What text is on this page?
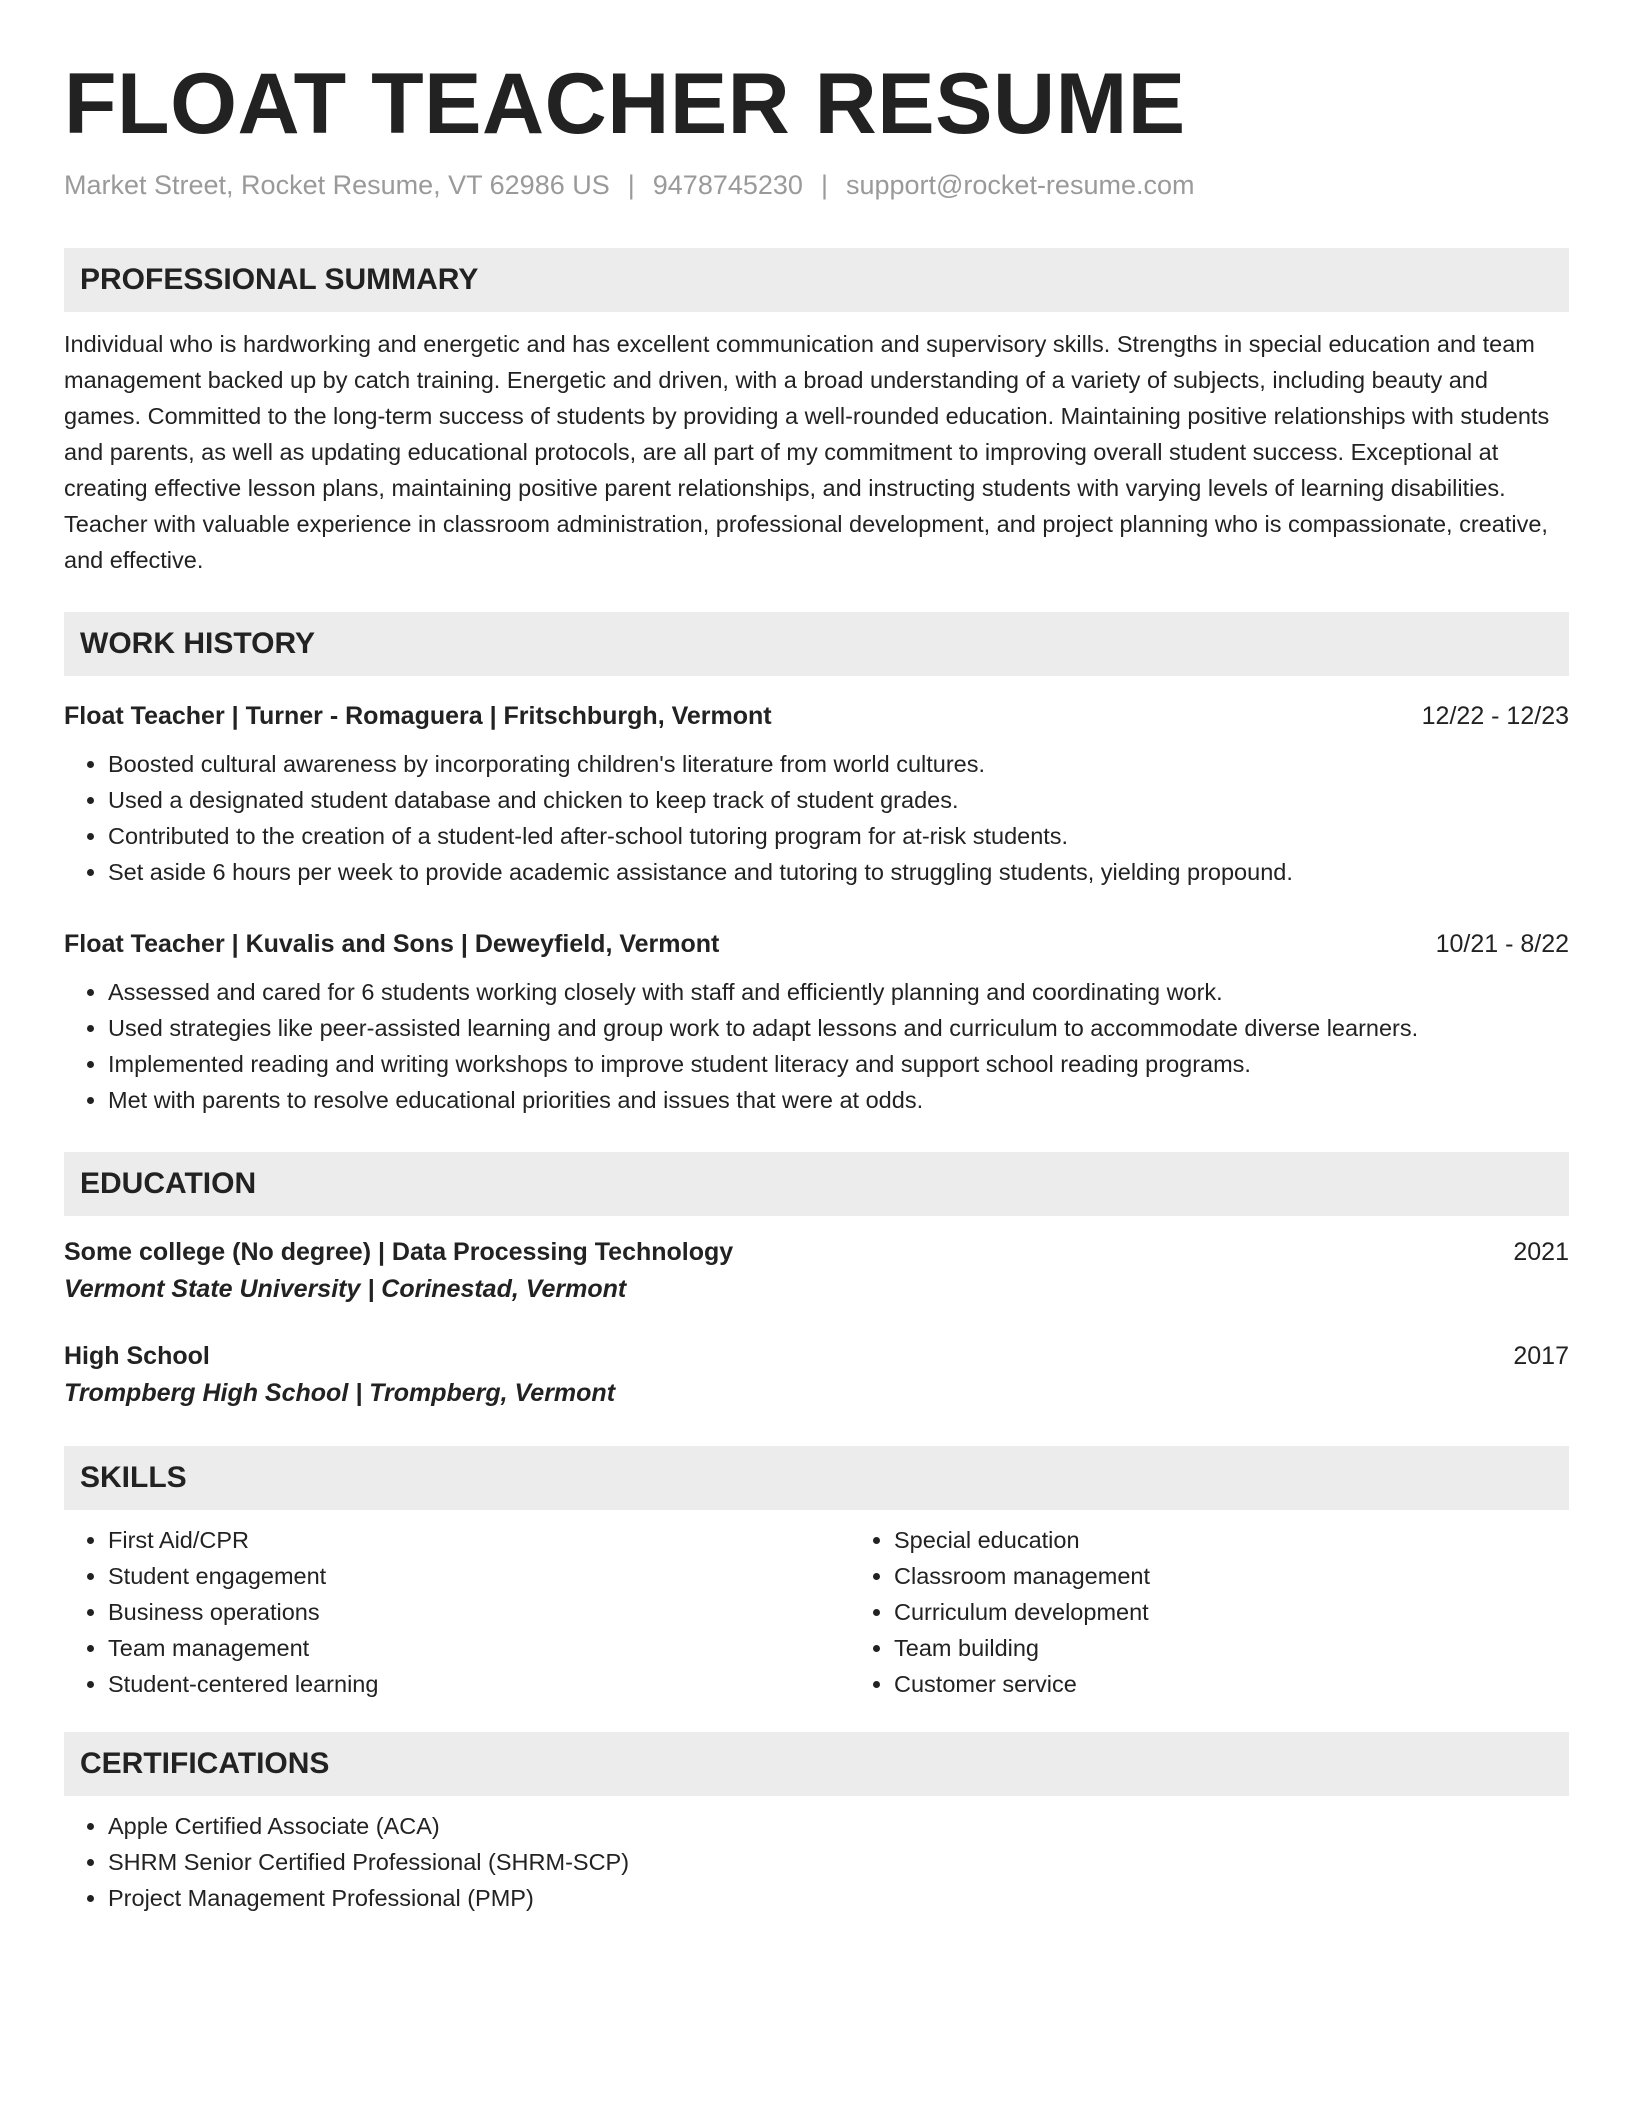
FLOAT TEACHER RESUME
Market Street, Rocket Resume, VT 62986 US | 9478745230 | support@rocket-resume.com
PROFESSIONAL SUMMARY
Individual who is hardworking and energetic and has excellent communication and supervisory skills. Strengths in special education and team management backed up by catch training. Energetic and driven, with a broad understanding of a variety of subjects, including beauty and games. Committed to the long-term success of students by providing a well-rounded education. Maintaining positive relationships with students and parents, as well as updating educational protocols, are all part of my commitment to improving overall student success. Exceptional at creating effective lesson plans, maintaining positive parent relationships, and instructing students with varying levels of learning disabilities. Teacher with valuable experience in classroom administration, professional development, and project planning who is compassionate, creative, and effective.
WORK HISTORY
Float Teacher | Turner - Romaguera | Fritschburgh, Vermont	12/22 - 12/23
• Boosted cultural awareness by incorporating children's literature from world cultures.
• Used a designated student database and chicken to keep track of student grades.
• Contributed to the creation of a student-led after-school tutoring program for at-risk students.
• Set aside 6 hours per week to provide academic assistance and tutoring to struggling students, yielding propound.
Float Teacher | Kuvalis and Sons | Deweyfield, Vermont	10/21 - 8/22
• Assessed and cared for 6 students working closely with staff and efficiently planning and coordinating work.
• Used strategies like peer-assisted learning and group work to adapt lessons and curriculum to accommodate diverse learners.
• Implemented reading and writing workshops to improve student literacy and support school reading programs.
• Met with parents to resolve educational priorities and issues that were at odds.
EDUCATION
Some college (No degree) | Data Processing Technology	2021
Vermont State University | Corinestad, Vermont
High School	2017
Trompberg High School | Trompberg, Vermont
SKILLS
• First Aid/CPR
• Student engagement
• Business operations
• Team management
• Student-centered learning
• Special education
• Classroom management
• Curriculum development
• Team building
• Customer service
CERTIFICATIONS
• Apple Certified Associate (ACA)
• SHRM Senior Certified Professional (SHRM-SCP)
• Project Management Professional (PMP)
